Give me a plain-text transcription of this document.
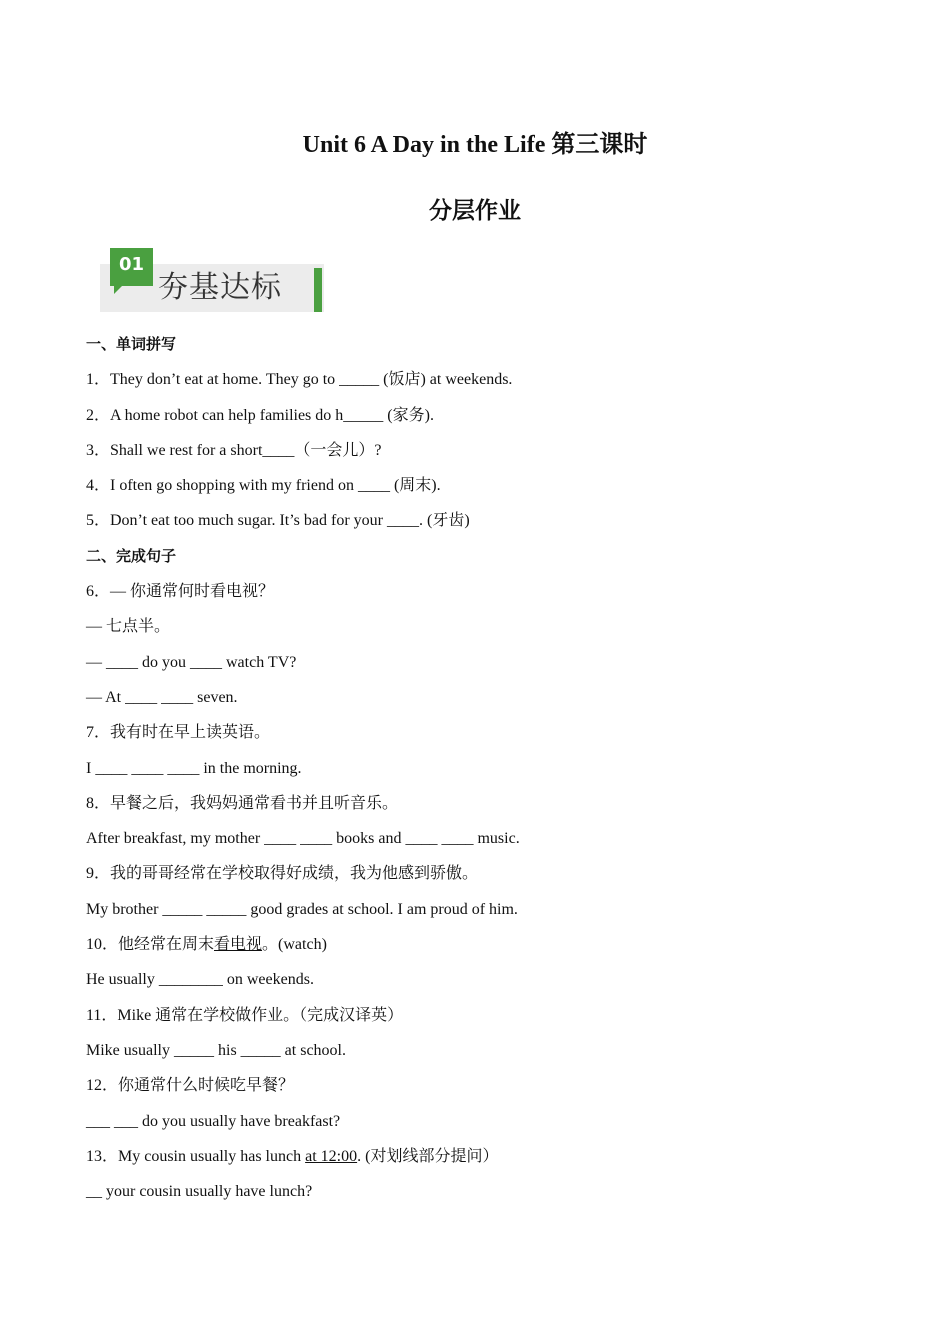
Unit 6 A Day in the Life 第三课时
分层作业
01
夯基达标

一、单词拼写

1．They don’t eat at home. They go to _____ (饭店) at weekends.

2．A home robot can help families do h_____ (家务).

3．Shall we rest for a short____（一会儿）?

4．I often go shopping with my friend on ____ (周末).

5．Don’t eat too much sugar. It’s bad for your ____. (牙齿)

二、完成句子

6．— 你通常何时看电视？

— 七点半。

— ____ do you ____ watch TV?

— At ____ ____ seven.

7．我有时在早上读英语。

I ____ ____ ____ in the morning.

8．早餐之后，我妈妈通常看书并且听音乐。

After breakfast, my mother ____ ____ books and ____ ____ music.

9．我的哥哥经常在学校取得好成绩，我为他感到骄傲。

My brother _____ _____ good grades at school. I am proud of him.

10．他经常在周末看电视。(watch)

He usually ________ on weekends.

11．Mike 通常在学校做作业。（完成汉译英）

Mike usually _____ his _____ at school.

12．你通常什么时候吃早餐？

___ ___ do you usually have breakfast?

13．My cousin usually has lunch at 12:00. (对划线部分提问）

__ your cousin usually have lunch?
